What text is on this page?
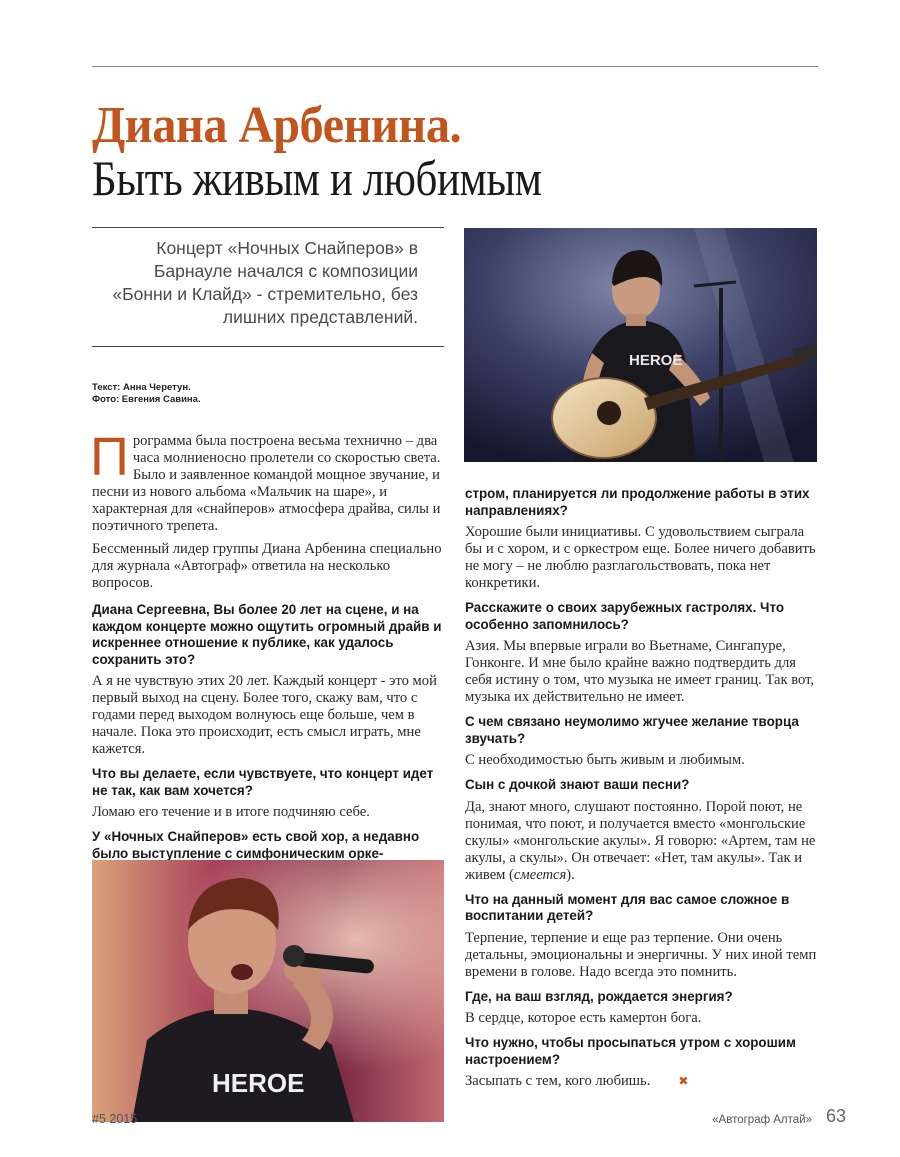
Диана Арбенина.
Быть живым и любимым
Концерт «Ночных Снайперов» в Барнауле начался с композиции «Бонни и Клайд» - стремительно, без лишних представлений.
Текст: Анна Черетун.
Фото: Евгения Савина.
HEROE

Программа была построена весьма технично – два часа молниеносно пролетели со скоростью света. Было и заявленное командой мощное звучание, и песни из нового альбома «Мальчик на шаре», и характерная для «снайперов» атмосфера драйва, силы и поэтичного трепета.

Бессменный лидер группы Диана Арбенина специально для журнала «Автограф» ответила на несколько вопросов.

Диана Сергеевна, Вы более 20 лет на сцене, и на каждом концерте можно ощутить огромный драйв и искреннее отношение к публике, как удалось сохранить это?

А я не чувствую этих 20 лет. Каждый концерт - это мой первый выход на сцену. Более того, скажу вам, что с годами перед выходом волнуюсь еще больше, чем в начале. Пока это происходит, есть смысл играть, мне кажется.

Что вы делаете, если чувствуете, что концерт идет не так, как вам хочется?

Ломаю его течение и в итоге подчиняю себе.

У «Ночных Снайперов» есть свой хор, а недавно было выступление с симфоническим орке-

HEROE

стром, планируется ли продолжение работы в этих направлениях?

Хорошие были инициативы. С удовольствием сыграла бы и с хором, и с оркестром еще. Более ничего добавить не могу – не люблю разглагольствовать, пока нет конкретики.

Расскажите о своих зарубежных гастролях. Что особенно запомнилось?

Азия. Мы впервые играли во Вьетнаме, Сингапуре, Гонконге. И мне было крайне важно подтвердить для себя истину о том, что музыка не имеет границ. Так вот, музыка их действительно не имеет.

С чем связано неумолимо жгучее желание творца звучать?

С необходимостью быть живым и любимым.

Сын с дочкой знают ваши песни?

Да, знают много, слушают постоянно. Порой поют, не понимая, что поют, и получается вместо «монгольские скулы» «монгольские акулы». Я говорю: «Артем, там не акулы, а скулы». Он отвечает: «Нет, там акулы». Так и живем (смеется).

Что на данный момент для вас самое сложное в воспитании детей?

Терпение, терпение и еще раз терпение. Они очень детальны, эмоциональны и энергичны. У них иной темп времени в голове. Надо всегда это помнить.

Где, на ваш взгляд, рождается энергия?

В сердце, которое есть камертон бога.

Что нужно, чтобы просыпаться утром с хорошим настроением?

Засыпать с тем, кого любишь. ✖

#5 2015	«Автограф Алтай» 63
